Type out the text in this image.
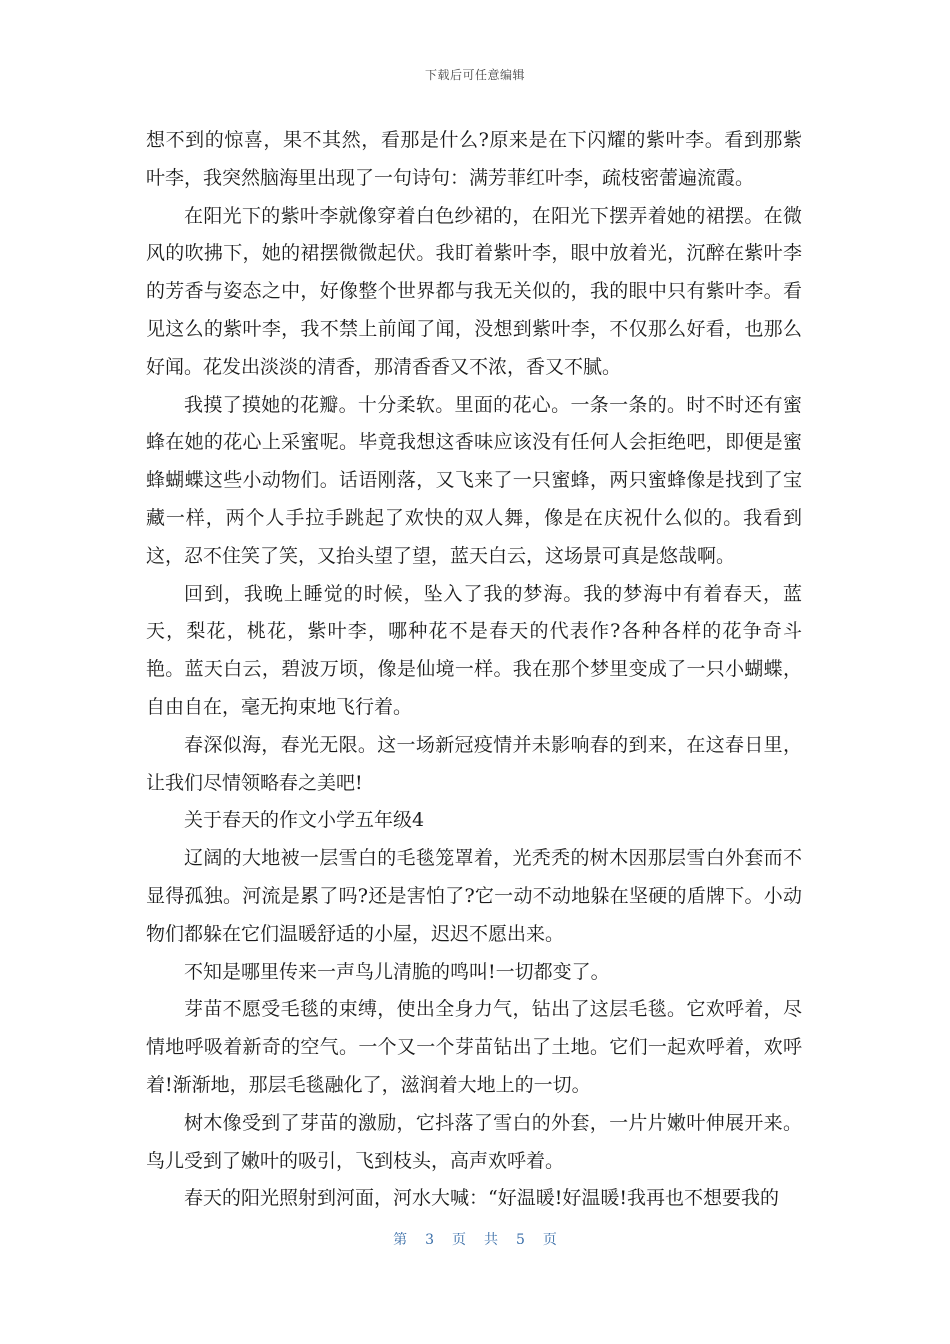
下载后可任意编辑

想不到的惊喜，果不其然，看那是什么?原来是在下闪耀的紫叶李。看到那紫叶李，我突然脑海里出现了一句诗句：满芳菲红叶李，疏枝密蕾遍流霞。

在阳光下的紫叶李就像穿着白色纱裙的，在阳光下摆弄着她的裙摆。在微风的吹拂下，她的裙摆微微起伏。我盯着紫叶李，眼中放着光，沉醉在紫叶李的芳香与姿态之中，好像整个世界都与我无关似的，我的眼中只有紫叶李。看见这么的紫叶李，我不禁上前闻了闻，没想到紫叶李，不仅那么好看，也那么好闻。花发出淡淡的清香，那清香香又不浓，香又不腻。

我摸了摸她的花瓣。十分柔软。里面的花心。一条一条的。时不时还有蜜蜂在她的花心上采蜜呢。毕竟我想这香味应该没有任何人会拒绝吧，即便是蜜蜂蝴蝶这些小动物们。话语刚落，又飞来了一只蜜蜂，两只蜜蜂像是找到了宝藏一样，两个人手拉手跳起了欢快的双人舞，像是在庆祝什么似的。我看到这，忍不住笑了笑，又抬头望了望，蓝天白云，这场景可真是悠哉啊。

回到，我晚上睡觉的时候，坠入了我的梦海。我的梦海中有着春天，蓝天，梨花，桃花，紫叶李，哪种花不是春天的代表作?各种各样的花争奇斗艳。蓝天白云，碧波万顷，像是仙境一样。我在那个梦里变成了一只小蝴蝶，自由自在，毫无拘束地飞行着。

春深似海，春光无限。这一场新冠疫情并未影响春的到来，在这春日里，让我们尽情领略春之美吧!

关于春天的作文小学五年级4

辽阔的大地被一层雪白的毛毯笼罩着，光秃秃的树木因那层雪白外套而不显得孤独。河流是累了吗?还是害怕了?它一动不动地躲在坚硬的盾牌下。小动物们都躲在它们温暖舒适的小屋，迟迟不愿出来。

不知是哪里传来一声鸟儿清脆的鸣叫!一切都变了。

芽苗不愿受毛毯的束缚，使出全身力气，钻出了这层毛毯。它欢呼着，尽情地呼吸着新奇的空气。一个又一个芽苗钻出了土地。它们一起欢呼着，欢呼着!渐渐地，那层毛毯融化了，滋润着大地上的一切。

树木像受到了芽苗的激励，它抖落了雪白的外套，一片片嫩叶伸展开来。鸟儿受到了嫩叶的吸引，飞到枝头，高声欢呼着。

春天的阳光照射到河面，河水大喊：“好温暖!好温暖!我再也不想要我的

第 3 页共5 页
